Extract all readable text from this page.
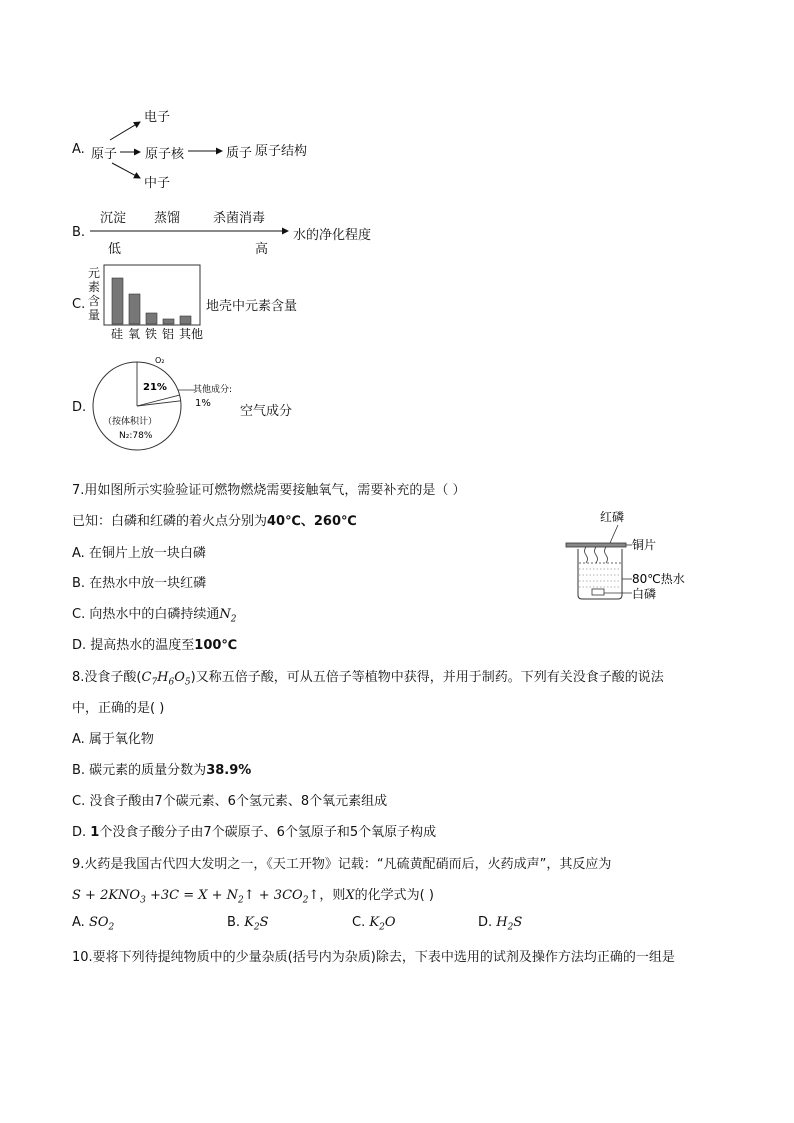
A. 原子
电子
原子核	质子 原子结构
中子
B.
沉淀 蒸馏	杀菌消毒
低	高
水的净化程度
C.
元素含量
硅 氧 铁 铝 其他
地壳中元素含量
D.
O₂
21%	其他成分:
1%
（按体积计）
N₂:78%
空气成分
7.用如图所示实验验证可燃物燃烧需要接触氧气，需要补充的是（ ）
已知：白磷和红磷的着火点分别为40℃、260℃
A. 在铜片上放一块白磷
B. 在热水中放一块红磷
C. 向热水中的白磷持续通$N_2$
D. 提高热水的温度至100℃
红磷
铜片
80℃热水
白磷
8.没食子酸$(C_7H_6O_5)$又称五倍子酸，可从五倍子等植物中获得，并用于制药。下列有关没食子酸的说法
中，正确的是( )
A. 属于氧化物
B. 碳元素的质量分数为38.9%
C. 没食子酸由7个碳元素、6个氢元素、8个氧元素组成
D. 1个没食子酸分子由7个碳原子、6个氢原子和5个氧原子构成
9.火药是我国古代四大发明之一，《天工开物》记载：“凡硫黄配硝而后，火药成声”，其反应为
$S + 2KNO_3 +3C = X$ + $N_2↑$ + $3CO_2↑$，则X的化学式为( )
A. $SO_2$	B. $K_2S$	C. $K_2O$	D. $H_2S$
10.要将下列待提纯物质中的少量杂质(括号内为杂质)除去，下表中选用的试剂及操作方法均正确的一组是
